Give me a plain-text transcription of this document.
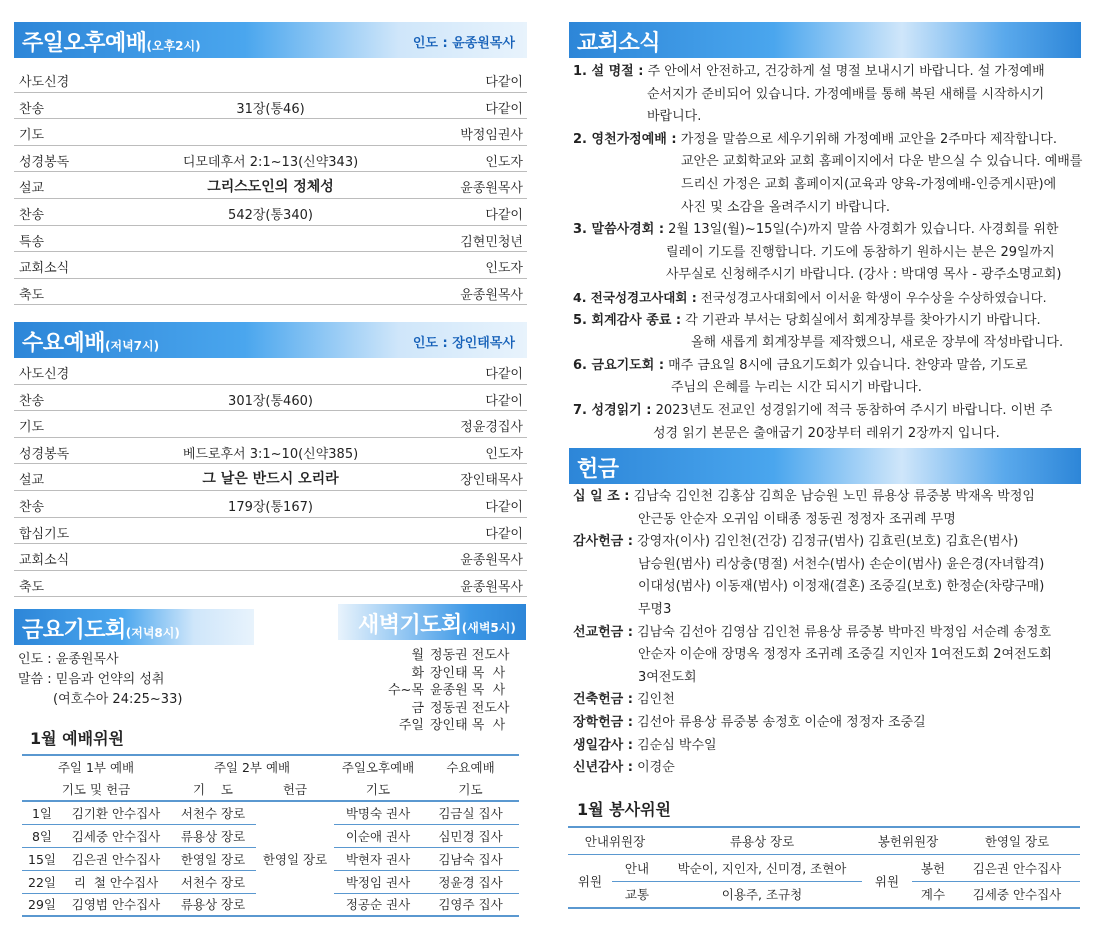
주일오후예배(오후2시)	인도 : 윤종원목사
사도신경	다같이
찬송	31장(통46)	다같이
기도	박정임권사
성경봉독	디모데후서 2:1~13(신약343)	인도자
설교	그리스도인의 정체성	윤종원목사
찬송	542장(통340)	다같이
특송	김현민청년
교회소식	인도자
축도	윤종원목사
수요예배(저녁7시)	인도 : 장인태목사
사도신경	다같이
찬송	301장(통460)	다같이
기도	정윤경집사
성경봉독	베드로후서 3:1~10(신약385)	인도자
설교	그 날은 반드시 오리라	장인태목사
찬송	179장(통167)	다같이
합심기도	다같이
교회소식	윤종원목사
축도	윤종원목사
금요기도회(저녁8시)
인도 : 윤종원목사
말씀 : 믿음과 언약의 성취
(여호수아 24:25~33)
새벽기도회(새벽5시)
월 정동권 전도사
화 장인태 목  사
수~목 윤종원 목  사
금 정동권 전도사
주일 장인태 목  사
1월 예배위원
주일 1부 예배		주일 2부 예배		주일오후예배	수요예배
기도 및 헌금		기    도	헌금	기도	기도
1일	김기환 안수집사	서천수 장로	한영일 장로	박명숙 권사	김금실 집사
8일	김세중 안수집사	류용상 장로		이순애 권사	심민경 집사
15일	김은권 안수집사	한영일 장로		박현자 권사	김남숙 집사
22일	리  철 안수집사	서천수 장로		박정임 권사	정윤경 집사
29일	김영범 안수집사	류용상 장로		정공순 권사	김영주 집사
교회소식
1. 설 명절 : 주 안에서 안전하고, 건강하게 설 명절 보내시기 바랍니다. 설 가정예배
순서지가 준비되어 있습니다. 가정예배를 통해 복된 새해를 시작하시기
바랍니다.
2. 영천가정예배 : 가정을 말씀으로 세우기위해 가정예배 교안을 2주마다 제작합니다.
교안은 교회학교와 교회 홈페이지에서 다운 받으실 수 있습니다. 예배를
드리신 가정은 교회 홈페이지(교육과 양육-가정예배-인증게시판)에
사진 및 소감을 올려주시기 바랍니다.
3. 말씀사경회 : 2월 13일(월)~15일(수)까지 말씀 사경회가 있습니다. 사경회를 위한
릴레이 기도를 진행합니다. 기도에 동참하기 원하시는 분은 29일까지
사무실로 신청해주시기 바랍니다. (강사 : 박대영 목사 - 광주소명교회)
4. 전국성경고사대회 : 전국성경고사대회에서 이서윤 학생이 우수상을 수상하였습니다.
5. 회계감사 종료 : 각 기관과 부서는 당회실에서 회계장부를 찾아가시기 바랍니다.
올해 새롭게 회계장부를 제작했으니, 새로운 장부에 작성바랍니다.
6. 금요기도회 : 매주 금요일 8시에 금요기도회가 있습니다. 찬양과 말씀, 기도로
주님의 은혜를 누리는 시간 되시기 바랍니다.
7. 성경읽기 : 2023년도 전교인 성경읽기에 적극 동참하여 주시기 바랍니다. 이번 주
성경 읽기 본문은 출애굽기 20장부터 레위기 2장까지 입니다.
헌금
십 일 조 : 김남숙 김인천 김홍삼 김희운 남승원 노민 류용상 류중봉 박재옥 박정임
안근동 안순자 오귀임 이태종 정동권 정정자 조귀례 무명
감사헌금 : 강영자(이사) 김인천(건강) 김정규(범사) 김효린(보호) 김효은(범사)
남승원(범사) 리상충(명절) 서천수(범사) 손순이(범사) 윤은경(자녀합격)
이대성(범사) 이동재(범사) 이정재(결혼) 조중길(보호) 한정순(차량구매)
무명3
선교헌금 : 김남숙 김선아 김영삼 김인천 류용상 류중봉 박마진 박정임 서순례 송정호
안순자 이순애 장명옥 정정자 조귀례 조중길 지인자 1여전도회 2여전도회
3여전도회
건축헌금 : 김인천
장학헌금 : 김선아 류용상 류중봉 송정호 이순애 정정자 조중길
생일감사 : 김순심 박수일
신년감사 : 이경순
1월 봉사위원
안내위원장		류용상 장로	봉헌위원장		한영일 장로
위원	안내	박순이, 지인자, 신미경, 조현아	위원	봉헌	김은권 안수집사
	교통	이용주, 조규청		계수	김세중 안수집사
